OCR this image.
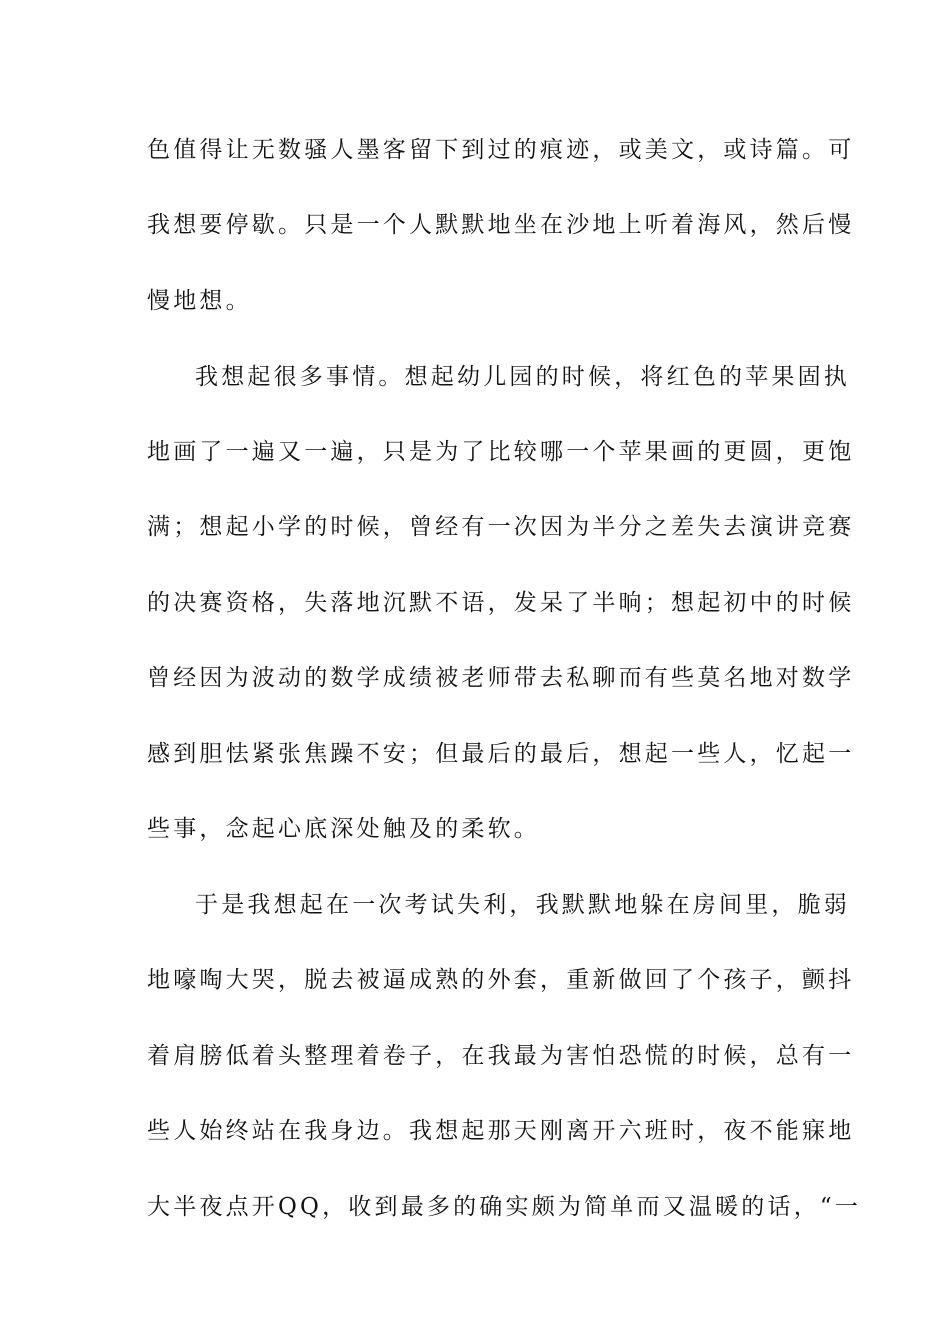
色值得让无数骚人墨客留下到过的痕迹，或美文，或诗篇。可
我想要停歇。只是一个人默默地坐在沙地上听着海风，然后慢
慢地想。
我想起很多事情。想起幼儿园的时候，将红色的苹果固执
地画了一遍又一遍，只是为了比较哪一个苹果画的更圆，更饱
满；想起小学的时候，曾经有一次因为半分之差失去演讲竞赛
的决赛资格，失落地沉默不语，发呆了半晌；想起初中的时候
曾经因为波动的数学成绩被老师带去私聊而有些莫名地对数学
感到胆怯紧张焦躁不安；但最后的最后，想起一些人，忆起一
些事，念起心底深处触及的柔软。
于是我想起在一次考试失利，我默默地躲在房间里，脆弱
地嚎啕大哭，脱去被逼成熟的外套，重新做回了个孩子，颤抖
着肩膀低着头整理着卷子，在我最为害怕恐慌的时候，总有一
些人始终站在我身边。我想起那天刚离开六班时，夜不能寐地
大半夜点开QQ，收到最多的确实颇为简单而又温暖的话，“一
